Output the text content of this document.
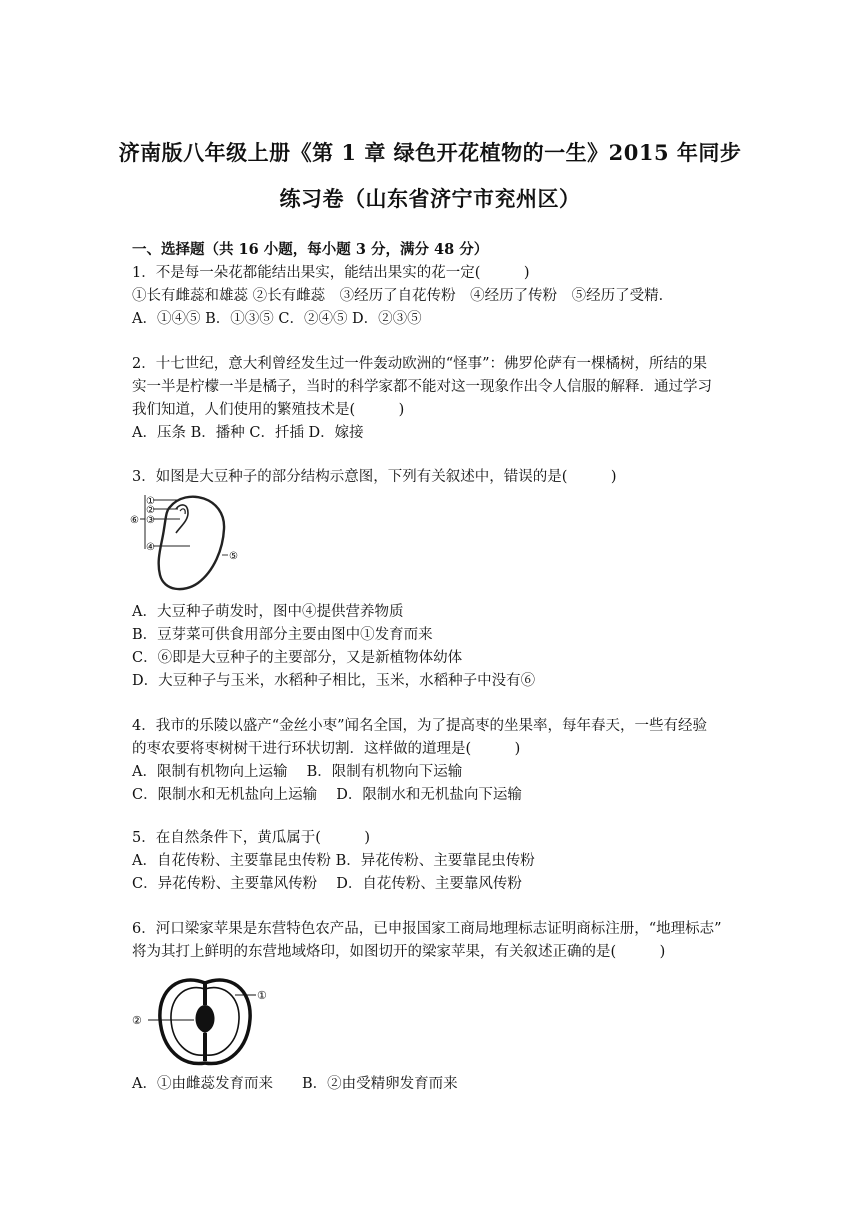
济南版八年级上册《第 1 章 绿色开花植物的一生》2015 年同步
练习卷（山东省济宁市兖州区）
一、选择题（共 16 小题，每小题 3 分，满分 48 分）
1．不是每一朵花都能结出果实，能结出果实的花一定(　　　)
①长有雌蕊和雄蕊 ②长有雌蕊　③经历了自花传粉　④经历了传粉　⑤经历了受精．
A．①④⑤ B．①③⑤ C．②④⑤ D．②③⑤
2．十七世纪，意大利曾经发生过一件轰动欧洲的“怪事”：佛罗伦萨有一棵橘树，所结的果
实一半是柠檬一半是橘子，当时的科学家都不能对这一现象作出令人信服的解释．通过学习
我们知道，人们使用的繁殖技术是(　　　)
A．压条 B．播种 C．扦插 D．嫁接
3．如图是大豆种子的部分结构示意图，下列有关叙述中，错误的是(　　　)
①
②
③
④
⑤
⑥
A．大豆种子萌发时，图中④提供营养物质
B．豆芽菜可供食用部分主要由图中①发育而来
C．⑥即是大豆种子的主要部分，又是新植物体幼体
D．大豆种子与玉米，水稻种子相比，玉米，水稻种子中没有⑥
4．我市的乐陵以盛产“金丝小枣”闻名全国，为了提高枣的坐果率，每年春天，一些有经验
的枣农要将枣树树干进行环状切割．这样做的道理是(　　　)
A．限制有机物向上运输　 B．限制有机物向下运输
C．限制水和无机盐向上运输　 D．限制水和无机盐向下运输
5．在自然条件下，黄瓜属于(　　　)
A．自花传粉、主要靠昆虫传粉 B．异花传粉、主要靠昆虫传粉
C．异花传粉、主要靠风传粉　 D．自花传粉、主要靠风传粉
6．河口梁家苹果是东营特色农产品，已申报国家工商局地理标志证明商标注册，“地理标志”
将为其打上鲜明的东营地域烙印，如图切开的梁家苹果，有关叙述正确的是(　　　)
①
②
A．①由雌蕊发育而来　　B．②由受精卵发育而来
